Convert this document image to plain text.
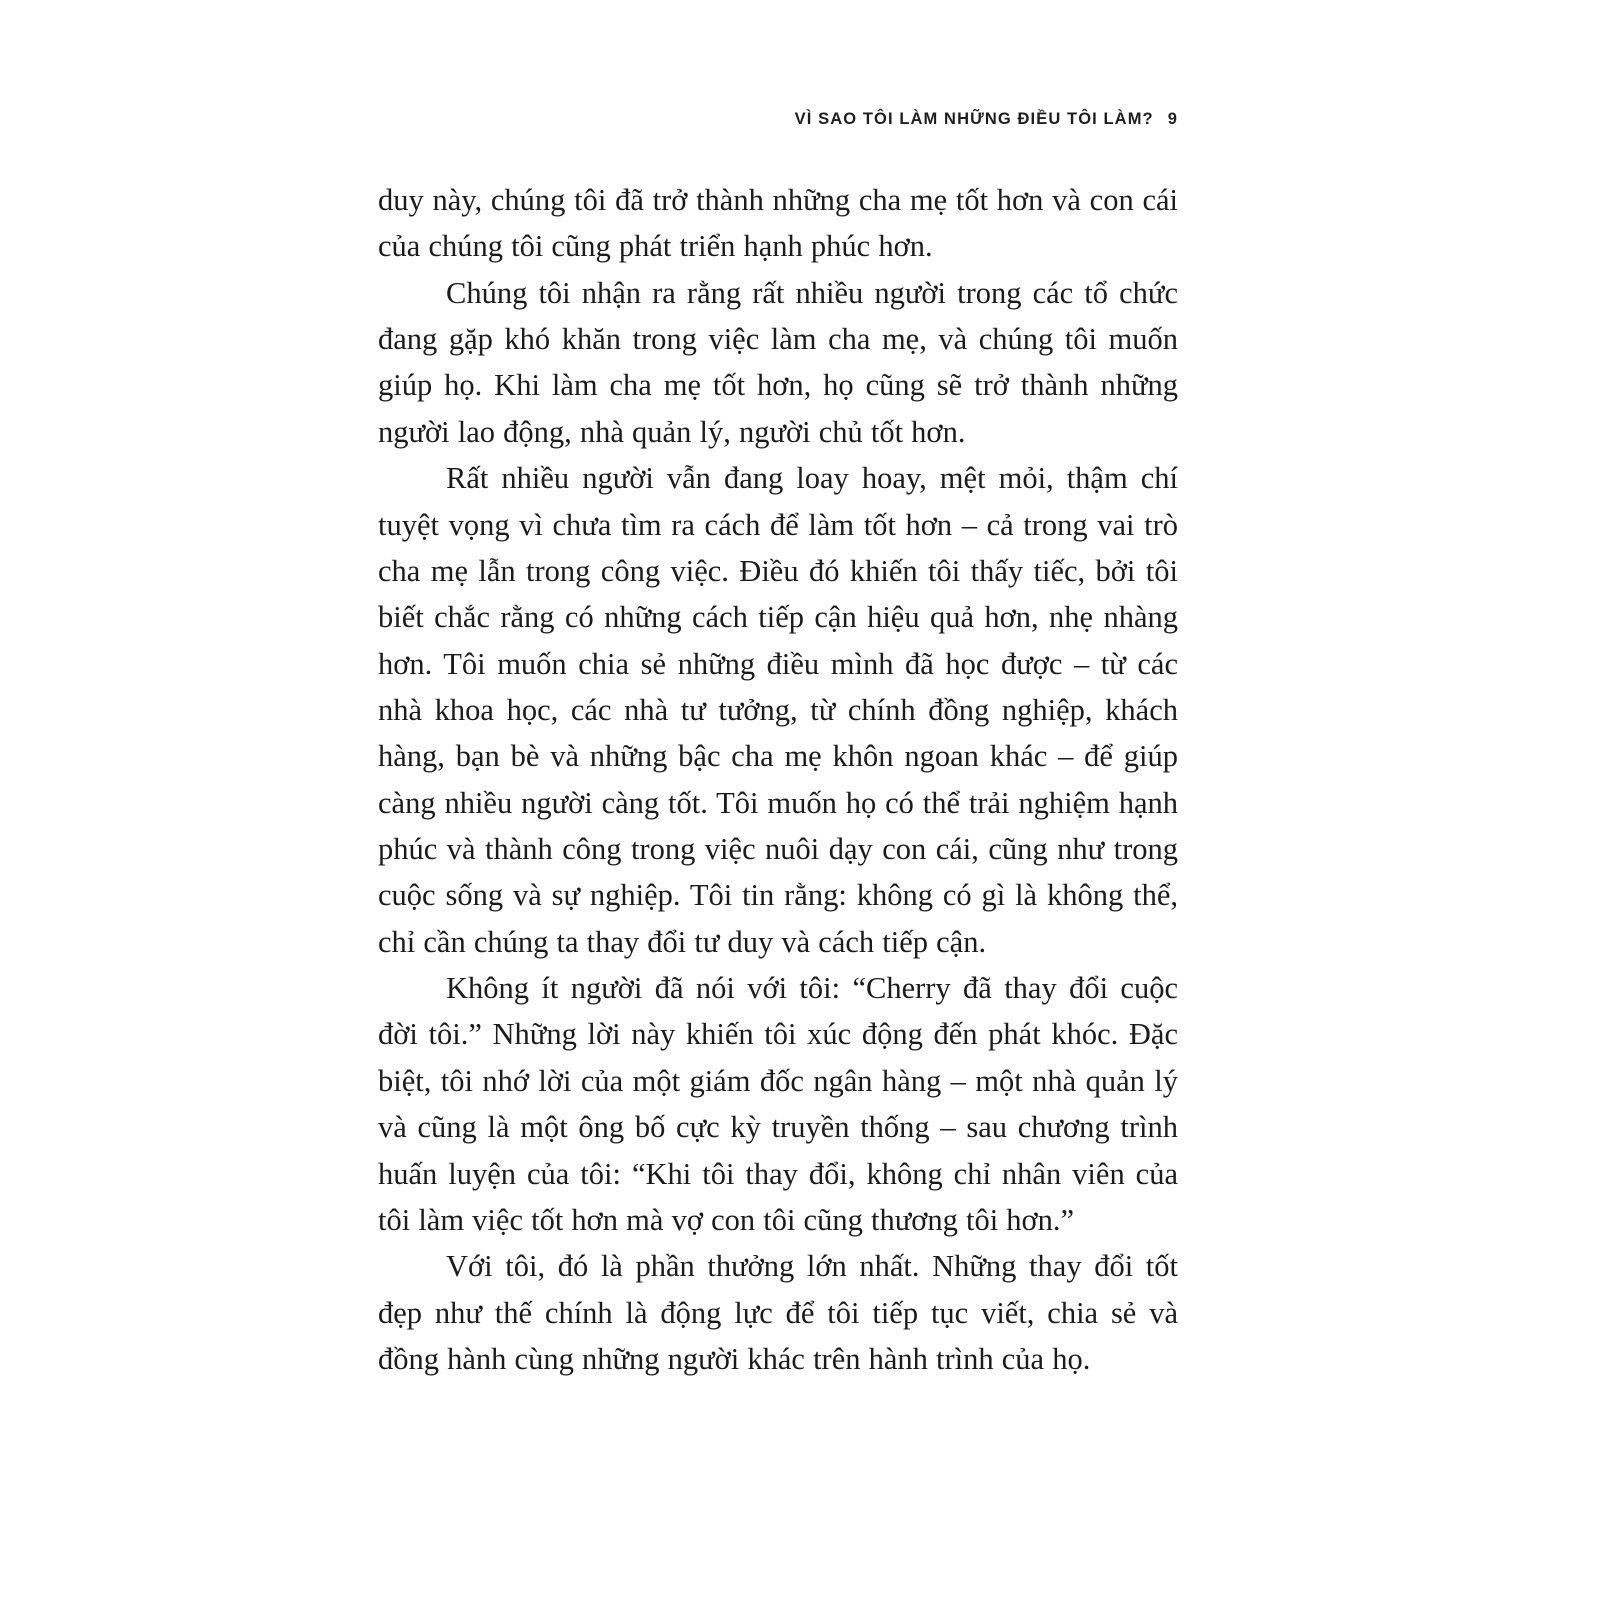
VÌ SAO TÔI LÀM NHỮNG ĐIỀU TÔI LÀM? 9

duy này, chúng tôi đã trở thành những cha mẹ tốt hơn và con cái của chúng tôi cũng phát triển hạnh phúc hơn.

Chúng tôi nhận ra rằng rất nhiều người trong các tổ chức đang gặp khó khăn trong việc làm cha mẹ, và chúng tôi muốn giúp họ. Khi làm cha mẹ tốt hơn, họ cũng sẽ trở thành những người lao động, nhà quản lý, người chủ tốt hơn.

Rất nhiều người vẫn đang loay hoay, mệt mỏi, thậm chí tuyệt vọng vì chưa tìm ra cách để làm tốt hơn – cả trong vai trò cha mẹ lẫn trong công việc. Điều đó khiến tôi thấy tiếc, bởi tôi biết chắc rằng có những cách tiếp cận hiệu quả hơn, nhẹ nhàng hơn. Tôi muốn chia sẻ những điều mình đã học được – từ các nhà khoa học, các nhà tư tưởng, từ chính đồng nghiệp, khách hàng, bạn bè và những bậc cha mẹ khôn ngoan khác – để giúp càng nhiều người càng tốt. Tôi muốn họ có thể trải nghiệm hạnh phúc và thành công trong việc nuôi dạy con cái, cũng như trong cuộc sống và sự nghiệp. Tôi tin rằng: không có gì là không thể, chỉ cần chúng ta thay đổi tư duy và cách tiếp cận.

Không ít người đã nói với tôi: “Cherry đã thay đổi cuộc đời tôi.” Những lời này khiến tôi xúc động đến phát khóc. Đặc biệt, tôi nhớ lời của một giám đốc ngân hàng – một nhà quản lý và cũng là một ông bố cực kỳ truyền thống – sau chương trình huấn luyện của tôi: “Khi tôi thay đổi, không chỉ nhân viên của tôi làm việc tốt hơn mà vợ con tôi cũng thương tôi hơn.”

Với tôi, đó là phần thưởng lớn nhất. Những thay đổi tốt đẹp như thế chính là động lực để tôi tiếp tục viết, chia sẻ và đồng hành cùng những người khác trên hành trình của họ.
